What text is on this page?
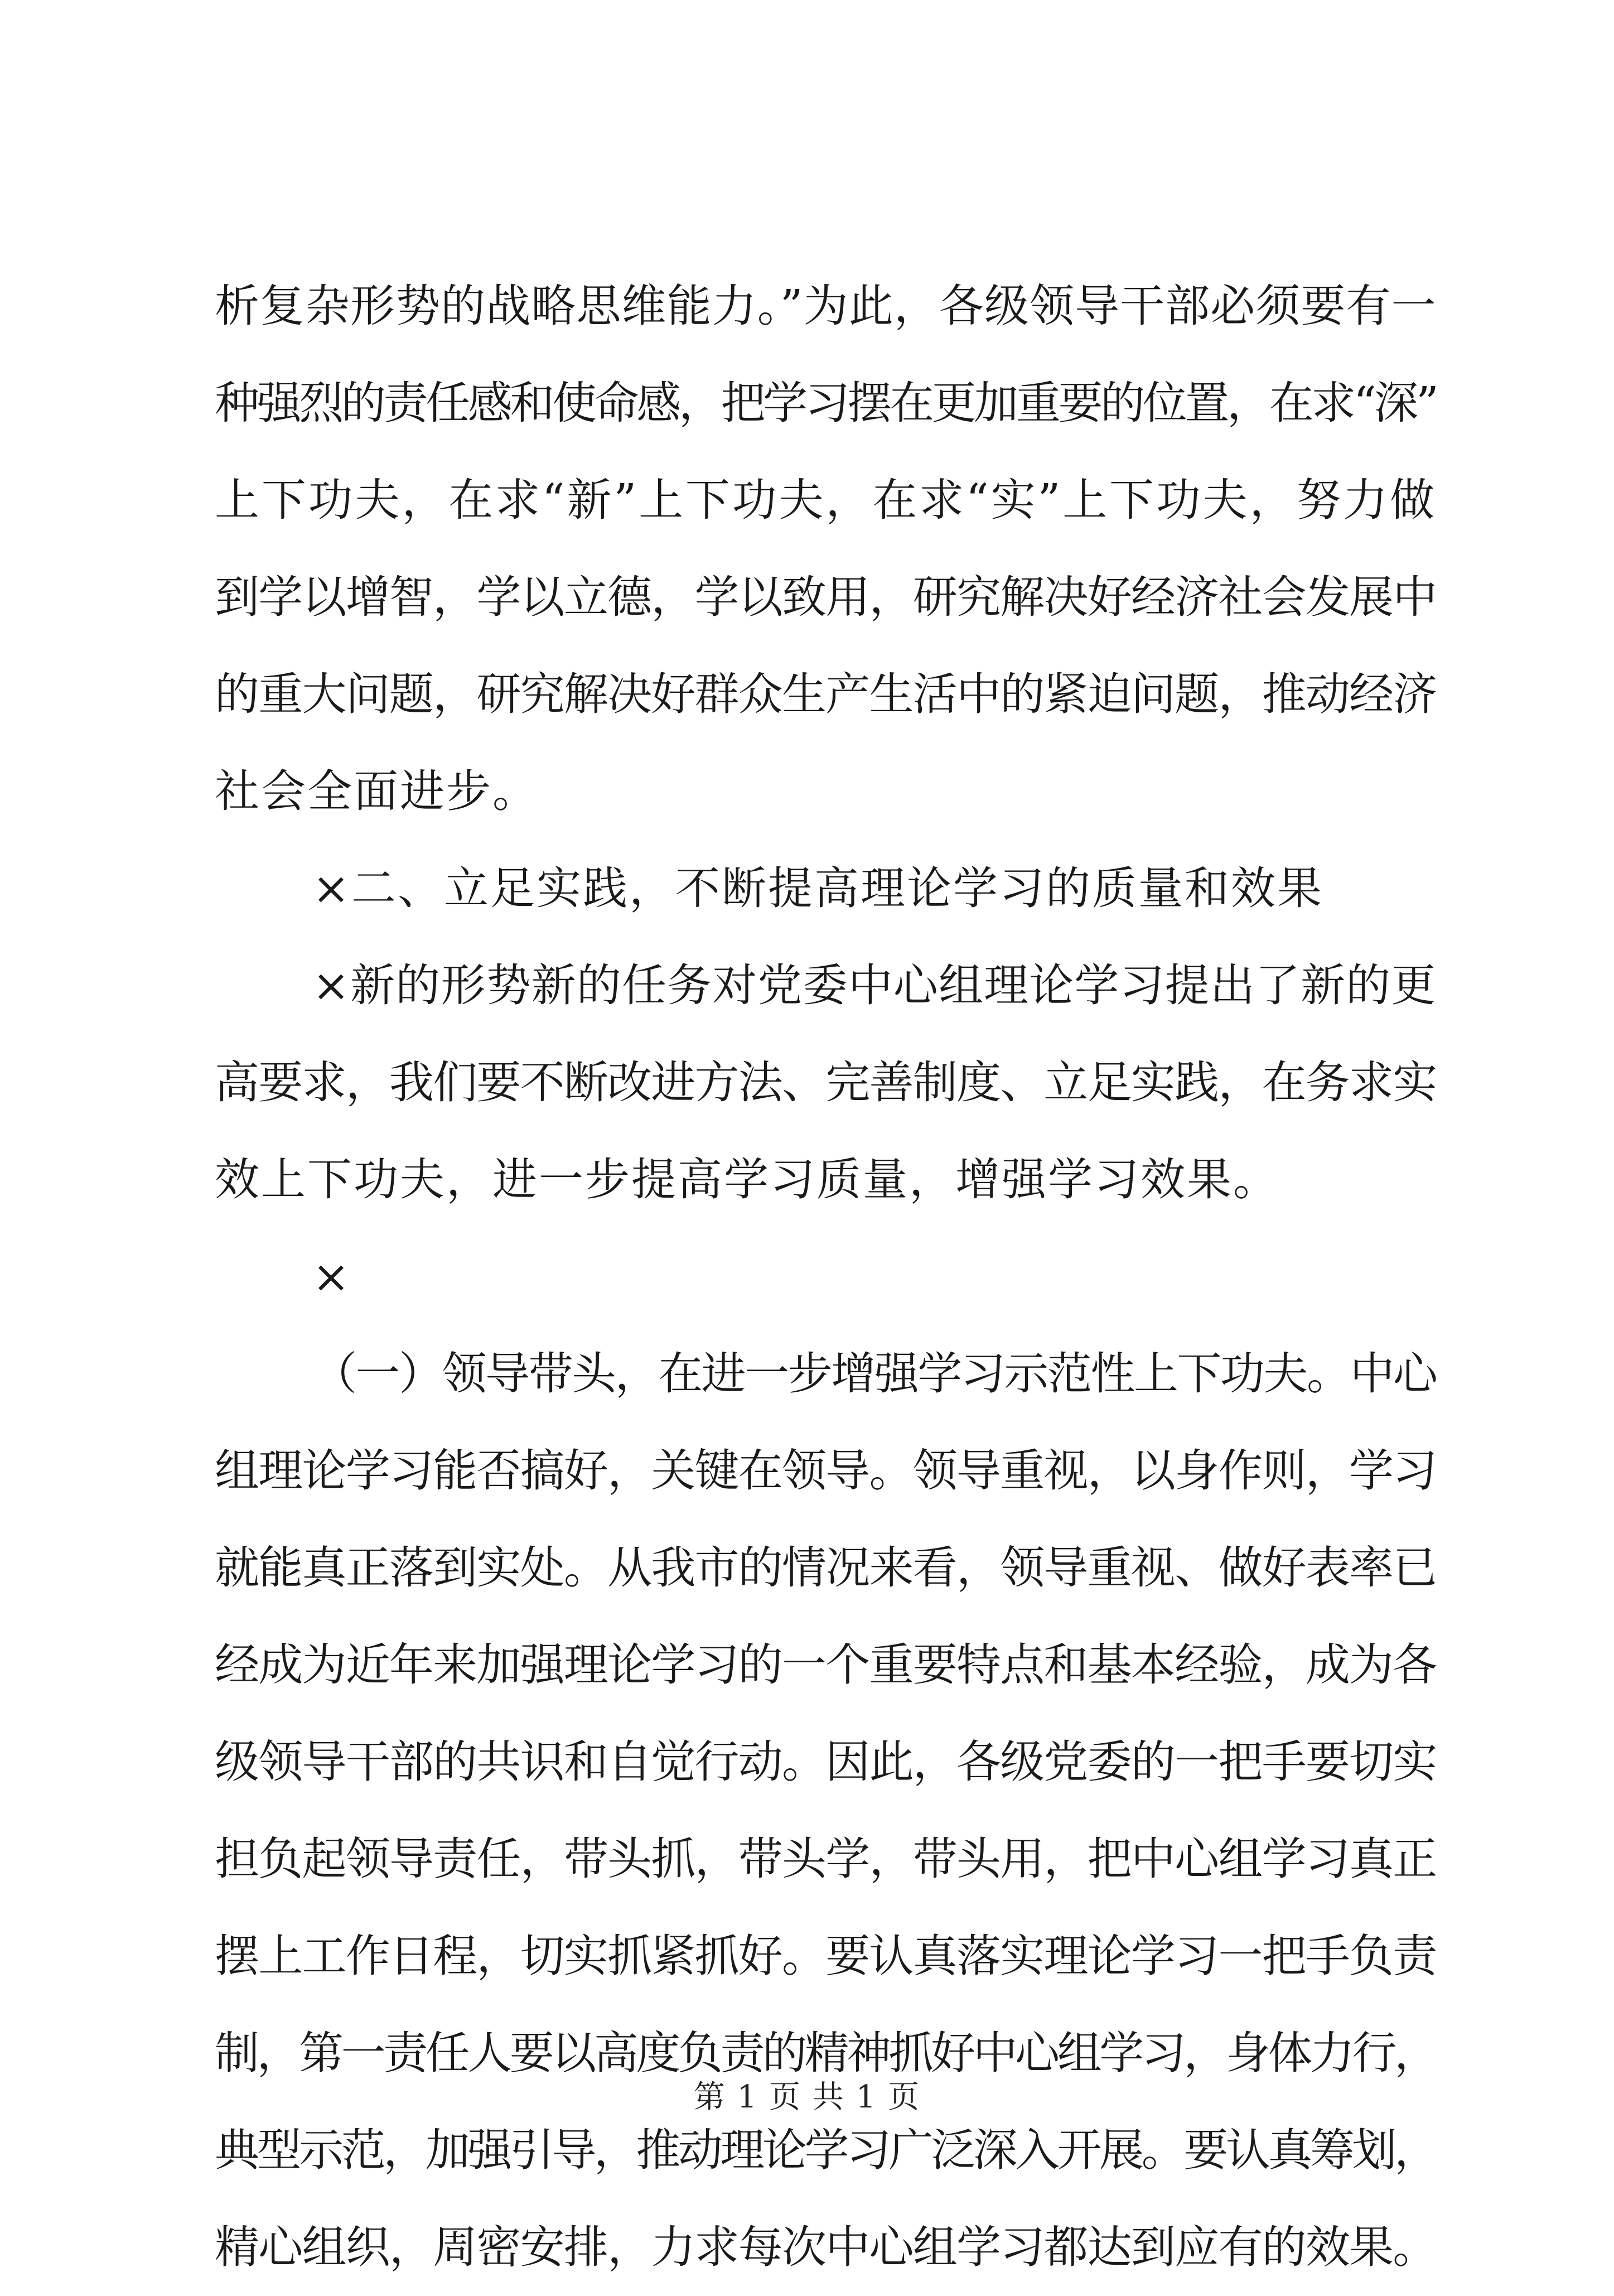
析复杂形势的战略思维能力。”为此，各级领导干部必须要有一
种强烈的责任感和使命感，把学习摆在更加重要的位置，在求“深”
上下功夫，在求“新”上下功夫，在求“实”上下功夫，努力做
到学以增智，学以立德，学以致用，研究解决好经济社会发展中
的重大问题，研究解决好群众生产生活中的紧迫问题，推动经济
社会全面进步。
×二、立足实践，不断提高理论学习的质量和效果
×新的形势新的任务对党委中心组理论学习提出了新的更
高要求，我们要不断改进方法、完善制度、立足实践，在务求实
效上下功夫，进一步提高学习质量，增强学习效果。
×
（一）领导带头，在进一步增强学习示范性上下功夫。中心
组理论学习能否搞好，关键在领导。领导重视，以身作则，学习
就能真正落到实处。从我市的情况来看，领导重视、做好表率已
经成为近年来加强理论学习的一个重要特点和基本经验，成为各
级领导干部的共识和自觉行动。因此，各级党委的一把手要切实
担负起领导责任，带头抓，带头学，带头用，把中心组学习真正
摆上工作日程，切实抓紧抓好。要认真落实理论学习一把手负责
制，第一责任人要以高度负责的精神抓好中心组学习，身体力行，
典型示范，加强引导，推动理论学习广泛深入开展。要认真筹划，
精心组织，周密安排，力求每次中心组学习都达到应有的效果。
第 1 页 共 1 页
